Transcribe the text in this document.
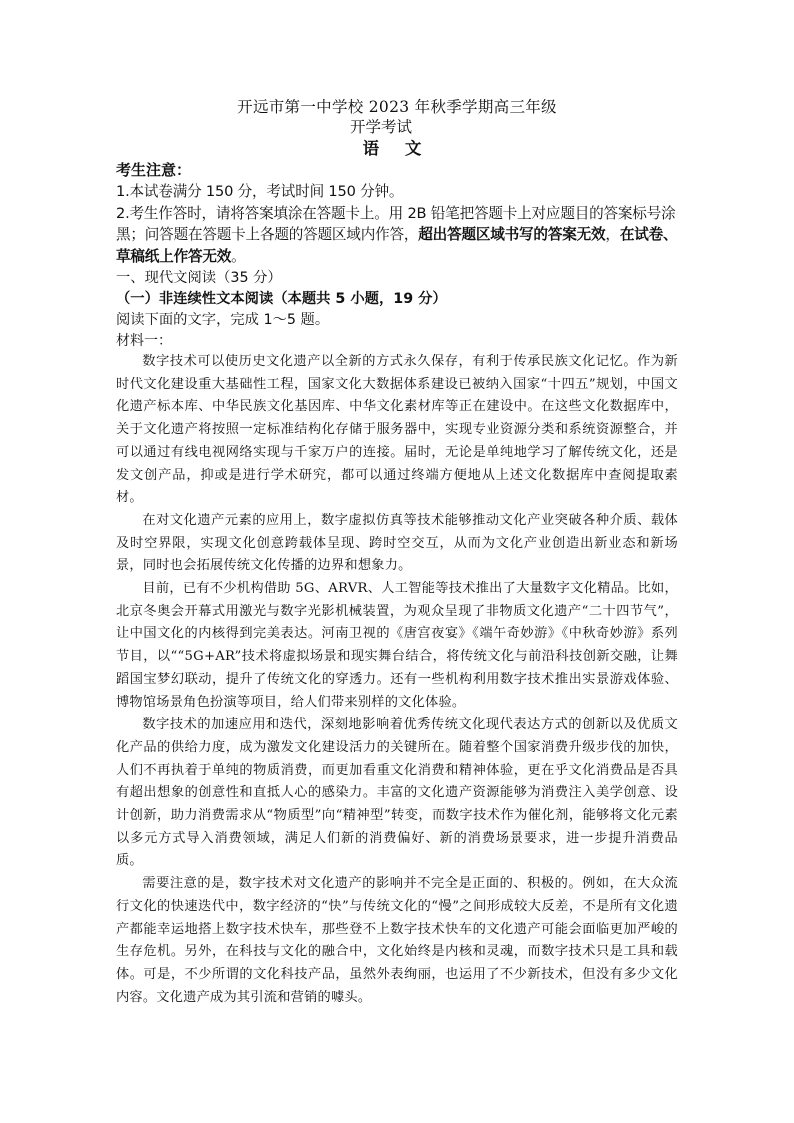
开远市第一中学校 2023 年秋季学期高三年级
开学考试
语 文
考生注意：
1.本试卷满分 150 分，考试时间 150 分钟。
2.考生作答时，请将答案填涂在答题卡上。用 2B 铅笔把答题卡上对应题目的答案标号涂黑；问答题在答题卡上各题的答题区域内作答，超出答题区域书写的答案无效，在试卷、草稿纸上作答无效。
一、现代文阅读（35 分）
（一）非连续性文本阅读（本题共 5 小题，19 分）
阅读下面的文字，完成 1～5 题。
材料一：

数字技术可以使历史文化遗产以全新的方式永久保存，有利于传承民族文化记忆。作为新时代文化建设重大基础性工程，国家文化大数据体系建设已被纳入国家“十四五”规划，中国文化遗产标本库、中华民族文化基因库、中华文化素材库等正在建设中。在这些文化数据库中，关于文化遗产将按照一定标准结构化存储于服务器中，实现专业资源分类和系统资源整合，并可以通过有线电视网络实现与千家万户的连接。届时，无论是单纯地学习了解传统文化，还是发文创产品，抑或是进行学术研究，都可以通过终端方便地从上述文化数据库中查阅提取素材。

在对文化遗产元素的应用上，数字虚拟仿真等技术能够推动文化产业突破各种介质、载体及时空界限，实现文化创意跨载体呈现、跨时空交互，从而为文化产业创造出新业态和新场景，同时也会拓展传统文化传播的边界和想象力。

目前，已有不少机构借助 5G、ARVR、人工智能等技术推出了大量数字文化精品。比如，北京冬奥会开幕式用激光与数字光影机械装置，为观众呈现了非物质文化遗产“二十四节气”，让中国文化的内核得到完美表达。河南卫视的《唐宫夜宴》《端午奇妙游》《中秋奇妙游》系列节目，以““5G+AR”技术将虚拟场景和现实舞台结合，将传统文化与前沿科技创新交融，让舞蹈国宝梦幻联动，提升了传统文化的穿透力。还有一些机构利用数字技术推出实景游戏体验、博物馆场景角色扮演等项目，给人们带来别样的文化体验。

数字技术的加速应用和迭代，深刻地影响着优秀传统文化现代表达方式的创新以及优质文化产品的供给力度，成为激发文化建设活力的关键所在。随着整个国家消费升级步伐的加快，人们不再执着于单纯的物质消费，而更加看重文化消费和精神体验，更在乎文化消费品是否具有超出想象的创意性和直抵人心的感染力。丰富的文化遗产资源能够为消费注入美学创意、设计创新，助力消费需求从“物质型”向“精神型”转变，而数字技术作为催化剂，能够将文化元素以多元方式导入消费领域，满足人们新的消费偏好、新的消费场景要求，进一步提升消费品质。

需要注意的是，数字技术对文化遗产的影响并不完全是正面的、积极的。例如，在大众流行文化的快速迭代中，数字经济的“快”与传统文化的“慢”之间形成较大反差，不是所有文化遗产都能幸运地搭上数字技术快车，那些登不上数字技术快车的文化遗产可能会面临更加严峻的生存危机。另外，在科技与文化的融合中，文化始终是内核和灵魂，而数字技术只是工具和载体。可是，不少所谓的文化科技产品，虽然外表绚丽，也运用了不少新技术，但没有多少文化内容。文化遗产成为其引流和营销的噱头。
